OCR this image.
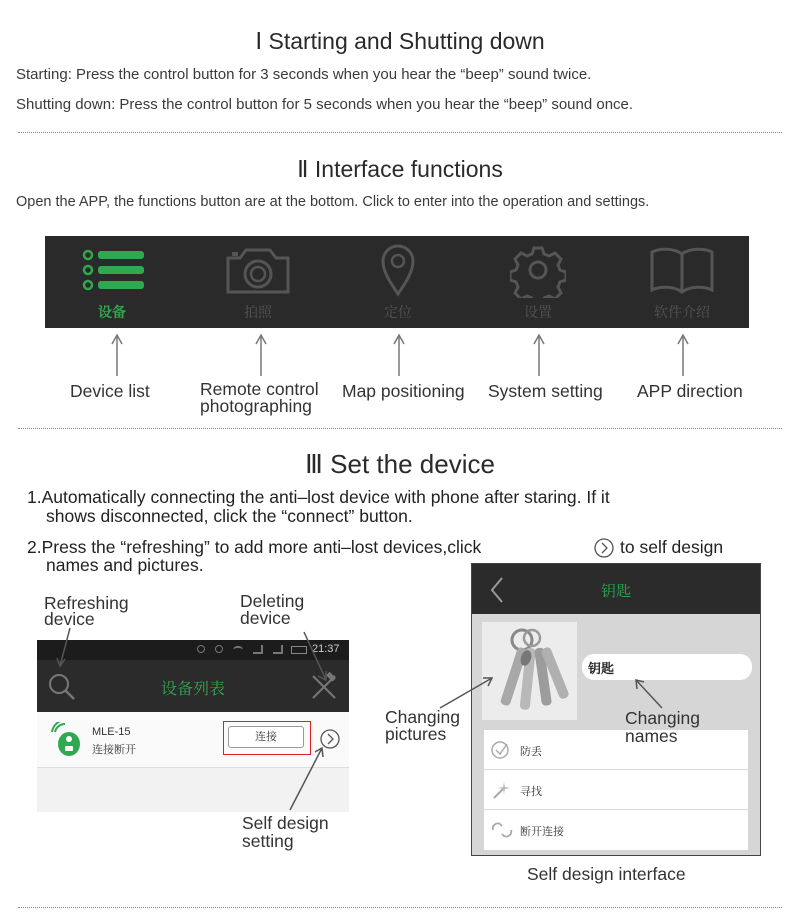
Ⅰ Starting and Shutting down
Starting: Press the control button for 3 seconds when you hear the “beep” sound twice.
Shutting down: Press the control button for 5 seconds when you hear the “beep” sound once.
Ⅱ Interface functions
Open the APP, the functions button are at the bottom. Click to enter into the operation and settings.
设备	拍照	定位	设置	软件介绍
Device list	Remote control
photographing
Map positioning System setting APP direction
Ⅲ Set the device
1.Automatically connecting the anti–lost device with phone after staring. If it
shows disconnected, click the “connect” button.
2.Press the “refreshing” to add more anti–lost devices,click	to self design
names and pictures.
Refreshing
device
Deleting
device
21:37
设备列表
MLE-15
连接断开
连接
Self design
setting
钥匙
钥匙
防丢
寻找
断开连接
Changing
pictures
Changing
names
Self design interface
